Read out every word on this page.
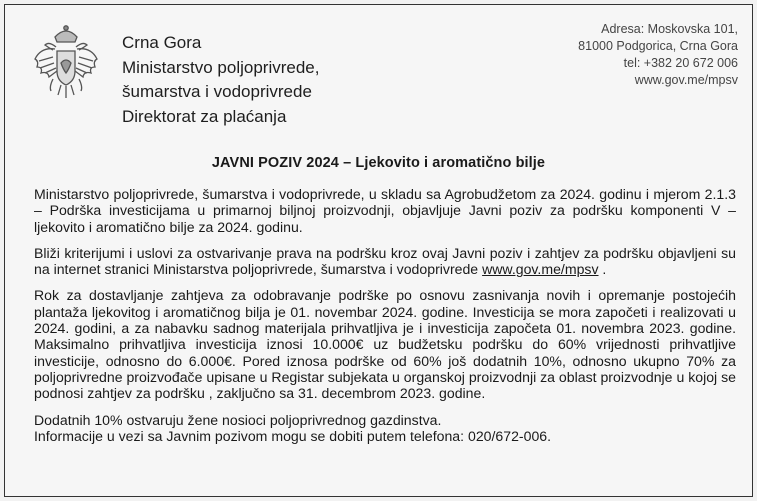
Crna Gora
Ministarstvo poljoprivrede,
šumarstva i vodoprivrede
Direktorat za plaćanja
Adresa: Moskovska 101,
81000 Podgorica, Crna Gora
tel: +382 20 672 006
www.gov.me/mpsv
JAVNI POZIV 2024 – Ljekovito i aromatično bilje

Ministarstvo poljoprivrede, šumarstva i vodoprivrede, u skladu sa Agrobudžetom za 2024. godinu i mjerom 2.1.3 – Podrška investicijama u primarnoj biljnoj proizvodnji, objavljuje Javni poziv za podršku komponenti V – ljekovito i aromatično bilje za 2024. godinu.

Bliži kriterijumi i uslovi za ostvarivanje prava na podršku kroz ovaj Javni poziv i zahtjev za podršku objavljeni su na internet stranici Ministarstva poljoprivrede, šumarstva i vodoprivrede www.gov.me/mpsv .

Rok za dostavljanje zahtjeva za odobravanje podrške po osnovu zasnivanja novih i opremanje postojećih plantaža ljekovitog i aromatičnog bilja je 01. novembar 2024. godine. Investicija se mora započeti i realizovati u 2024. godini, a za nabavku sadnog materijala prihvatljiva je i investicija započeta 01. novembra 2023. godine. Maksimalno prihvatljiva investicija iznosi 10.000€ uz budžetsku podršku do 60% vrijednosti prihvatljive investicije, odnosno do 6.000€. Pored iznosa podrške od 60% još dodatnih 10%, odnosno ukupno 70% za poljoprivredne proizvođače upisane u Registar subjekata u organskoj proizvodnji za oblast proizvodnje u kojoj se podnosi zahtjev za podršku , zaključno sa 31. decembrom 2023. godine.

Dodatnih 10% ostvaruju žene nosioci poljoprivrednog gazdinstva.

Informacije u vezi sa Javnim pozivom mogu se dobiti putem telefona: 020/672-006.
